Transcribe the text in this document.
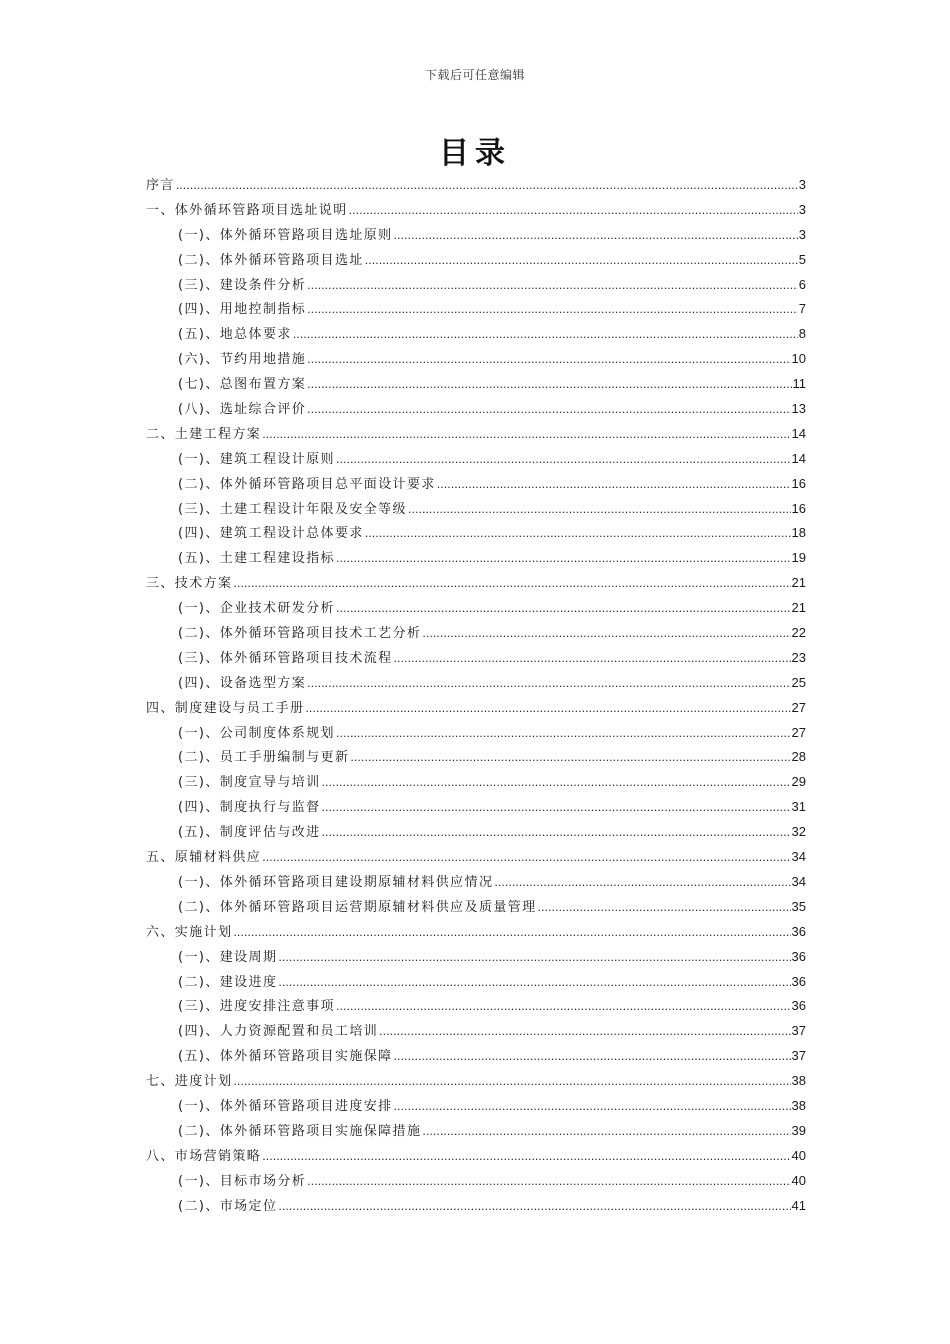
下载后可任意编辑
目录
序言 .....	3
一、体外循环管路项目选址说明 .....	3
(一)、体外循环管路项目选址原则 .....	3
(二)、体外循环管路项目选址 .....	5
(三)、建设条件分析 .....	6
(四)、用地控制指标 .....	7
(五)、地总体要求 .....	8
(六)、节约用地措施 .....	10
(七)、总图布置方案 .....	11
(八)、选址综合评价 .....	13
二、土建工程方案 .....	14
(一)、建筑工程设计原则 .....	14
(二)、体外循环管路项目总平面设计要求 .....	16
(三)、土建工程设计年限及安全等级 .....	16
(四)、建筑工程设计总体要求 .....	18
(五)、土建工程建设指标 .....	19
三、技术方案 .....	21
(一)、企业技术研发分析 .....	21
(二)、体外循环管路项目技术工艺分析 .....	22
(三)、体外循环管路项目技术流程 .....	23
(四)、设备选型方案 .....	25
四、制度建设与员工手册 .....	27
(一)、公司制度体系规划 .....	27
(二)、员工手册编制与更新 .....	28
(三)、制度宣导与培训 .....	29
(四)、制度执行与监督 .....	31
(五)、制度评估与改进 .....	32
五、原辅材料供应 .....	34
(一)、体外循环管路项目建设期原辅材料供应情况 .....	34
(二)、体外循环管路项目运营期原辅材料供应及质量管理 .....	35
六、实施计划 .....	36
(一)、建设周期 .....	36
(二)、建设进度 .....	36
(三)、进度安排注意事项 .....	36
(四)、人力资源配置和员工培训 .....	37
(五)、体外循环管路项目实施保障 .....	37
七、进度计划 .....	38
(一)、体外循环管路项目进度安排 .....	38
(二)、体外循环管路项目实施保障措施 .....	39
八、市场营销策略 .....	40
(一)、目标市场分析 .....	40
(二)、市场定位 .....	41
